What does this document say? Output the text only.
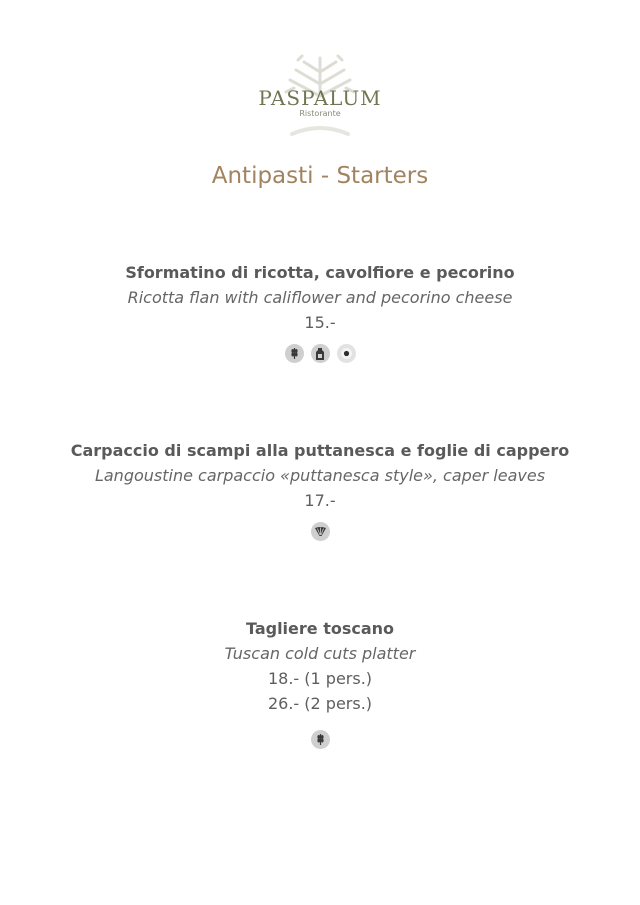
PASPALUM
Ristorante
Antipasti - Starters
Sformatino di ricotta, cavolfiore e pecorino
Ricotta flan with califlower and pecorino cheese
15.-
Carpaccio di scampi alla puttanesca e foglie di cappero
Langoustine carpaccio «puttanesca style», caper leaves
17.-
Tagliere toscano
Tuscan cold cuts platter
18.- (1 pers.)
26.- (2 pers.)
